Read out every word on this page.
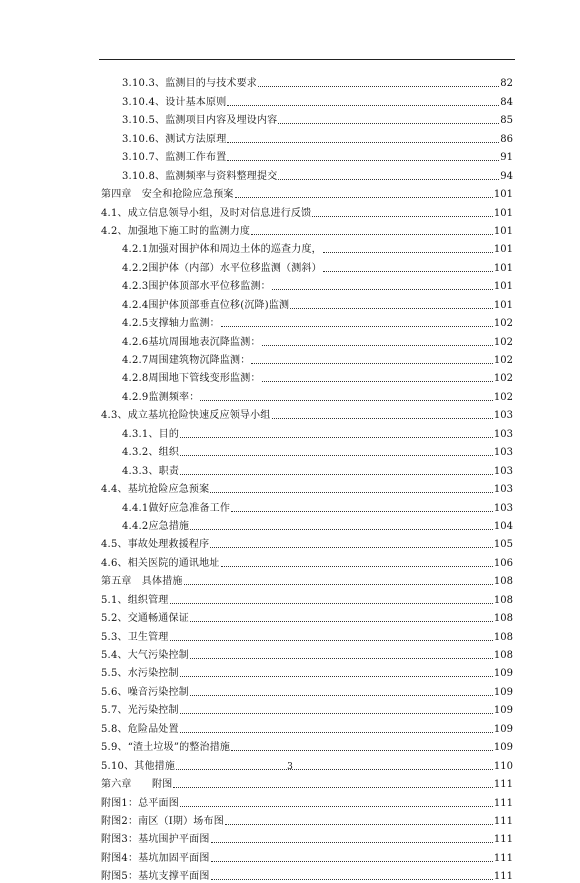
3.10.3、监测目的与技术要求	82
3.10.4、设计基本原则	84
3.10.5、监测项目内容及埋设内容	85
3.10.6、测试方法原理	86
3.10.7、监测工作布置	91
3.10.8、监测频率与资料整理提交	94
第四章　安全和抢险应急预案	101
4.1、成立信息领导小组，及时对信息进行反馈	101
4.2、加强地下施工时的监测力度	101
4.2.1加强对围护体和周边土体的巡查力度，	101
4.2.2围护体（内部）水平位移监测（测斜）	101
4.2.3围护体顶部水平位移监测：	101
4.2.4围护体顶部垂直位移(沉降)监测	101
4.2.5支撑轴力监测：	102
4.2.6基坑周围地表沉降监测：	102
4.2.7周围建筑物沉降监测：	102
4.2.8周围地下管线变形监测：	102
4.2.9监测频率：	102
4.3、成立基坑抢险快速反应领导小组	103
4.3.1、目的	103
4.3.2、组织	103
4.3.3、职责	103
4.4、基坑抢险应急预案	103
4.4.1做好应急准备工作	103
4.4.2应急措施	104
4.5、事故处理救援程序	105
4.6、相关医院的通讯地址	106
第五章　具体措施	108
5.1、组织管理	108
5.2、交通畅通保证	108
5.3、卫生管理	108
5.4、大气污染控制	108
5.5、水污染控制	109
5.6、噪音污染控制	109
5.7、光污染控制	109
5.8、危险品处置	109
5.9、“渣土垃圾”的整治措施	109
5.10、其他措施	110
第六章　　附图	111
附图1：总平面图	111
附图2：南区（Ⅰ期）场布图	111
附图3：基坑围护平面图	111
附图4：基坑加固平面图	111
附图5：基坑支撑平面图	111
3
